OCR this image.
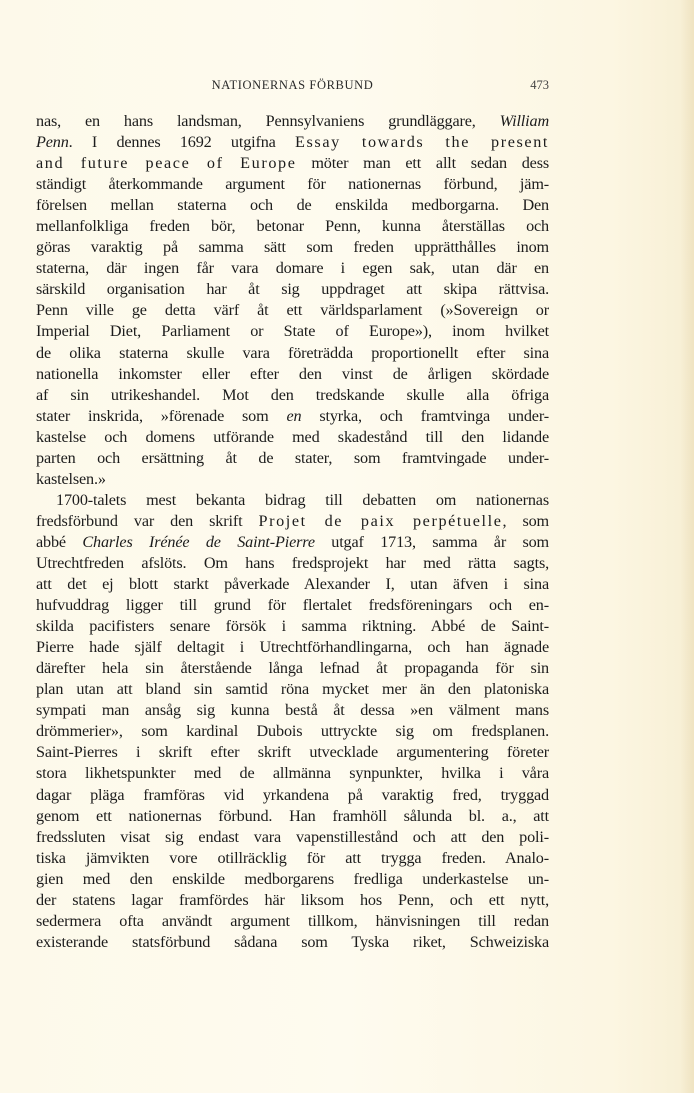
NATIONERNAS FÖRBUND	473
nas, en hans landsman, Pennsylvaniens grundläggare, William
Penn. I dennes 1692 utgifna Essay towards the present
and future peace of Europe möter man ett allt sedan dess
ständigt återkommande argument för nationernas förbund, jäm-
förelsen mellan staterna och de enskilda medborgarna. Den
mellanfolkliga freden bör, betonar Penn, kunna återställas och
göras varaktig på samma sätt som freden upprätthålles inom
staterna, där ingen får vara domare i egen sak, utan där en
särskild organisation har åt sig uppdraget att skipa rättvisa.
Penn ville ge detta värf åt ett världsparlament (»Sovereign or
Imperial Diet, Parliament or State of Europe»), inom hvilket
de olika staterna skulle vara företrädda proportionellt efter sina
nationella inkomster eller efter den vinst de årligen skördade
af sin utrikeshandel. Mot den tredskande skulle alla öfriga
stater inskrida, »förenade som en styrka, och framtvinga under-
kastelse och domens utförande med skadestånd till den lidande
parten och ersättning åt de stater, som framtvingade under-
kastelsen.»
1700-talets mest bekanta bidrag till debatten om nationernas
fredsförbund var den skrift Projet de paix perpétuelle, som
abbé Charles Irénée de Saint-Pierre utgaf 1713, samma år som
Utrechtfreden afslöts. Om hans fredsprojekt har med rätta sagts,
att det ej blott starkt påverkade Alexander I, utan äfven i sina
hufvuddrag ligger till grund för flertalet fredsföreningars och en-
skilda pacifisters senare försök i samma riktning. Abbé de Saint-
Pierre hade själf deltagit i Utrechtförhandlingarna, och han ägnade
därefter hela sin återstående långa lefnad åt propaganda för sin
plan utan att bland sin samtid röna mycket mer än den platoniska
sympati man ansåg sig kunna bestå åt dessa »en välment mans
drömmerier», som kardinal Dubois uttryckte sig om fredsplanen.
Saint-Pierres i skrift efter skrift utvecklade argumentering företer
stora likhetspunkter med de allmänna synpunkter, hvilka i våra
dagar pläga framföras vid yrkandena på varaktig fred, tryggad
genom ett nationernas förbund. Han framhöll sålunda bl. a., att
fredssluten visat sig endast vara vapenstillestånd och att den poli-
tiska jämvikten vore otillräcklig för att trygga freden. Analo-
gien med den enskilde medborgarens fredliga underkastelse un-
der statens lagar framfördes här liksom hos Penn, och ett nytt,
sedermera ofta användt argument tillkom, hänvisningen till redan
existerande statsförbund sådana som Tyska riket, Schweiziska
